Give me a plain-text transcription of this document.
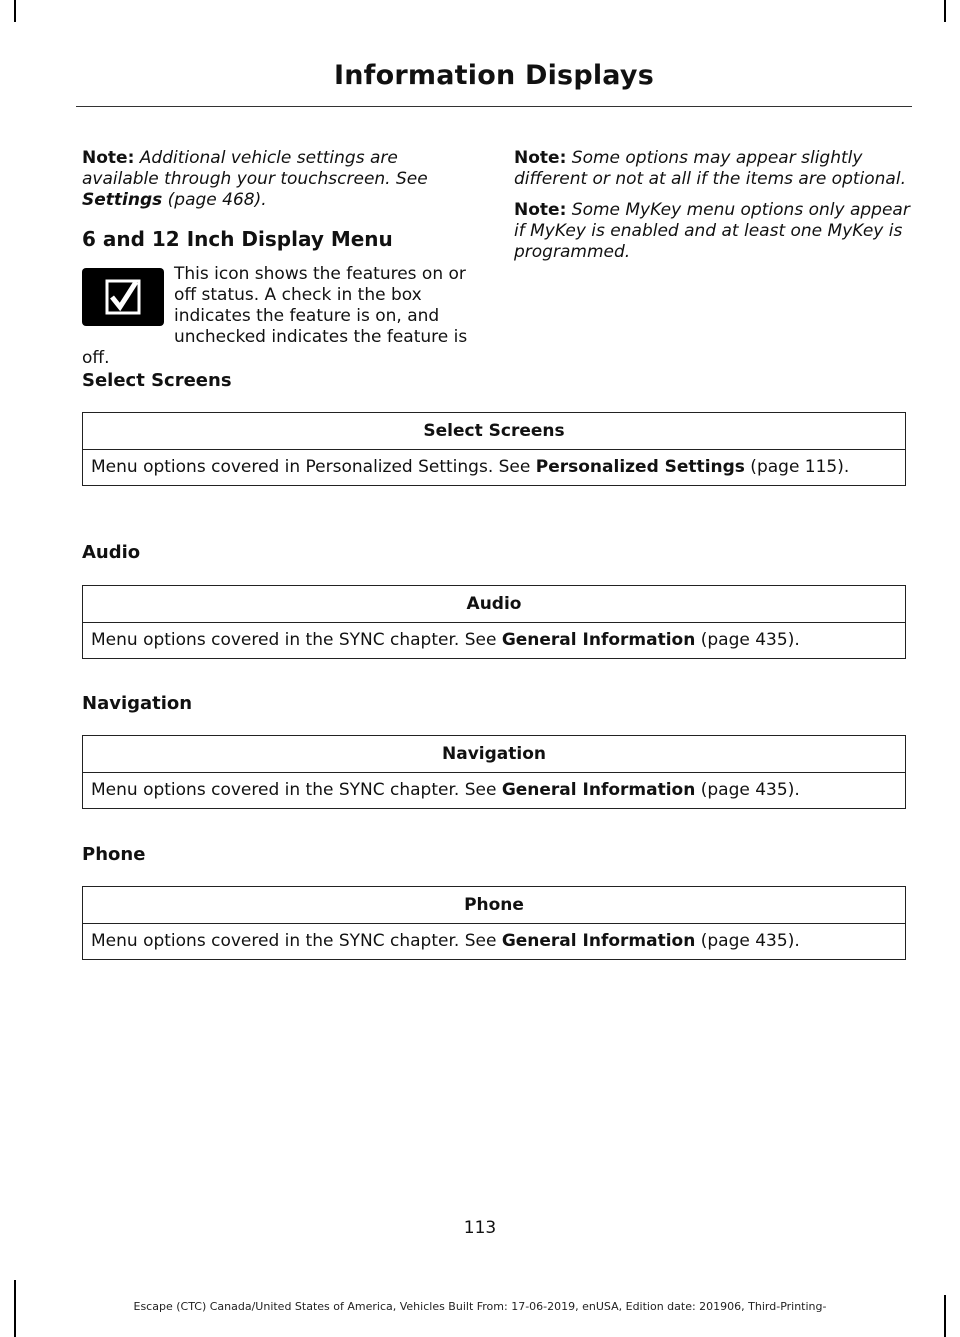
Information Displays

Note: Additional vehicle settings are available through your touchscreen. See Settings (page 468).

6 and 12 Inch Display Menu

This icon shows the features on or off status. A check in the box indicates the feature is on, and unchecked indicates the feature is off.

Note: Some options may appear slightly different or not at all if the items are optional.

Note: Some MyKey menu options only appear if MyKey is enabled and at least one MyKey is programmed.

Select Screens
Select Screens
Menu options covered in Personalized Settings. See Personalized Settings (page 115).
Audio
Audio
Menu options covered in the SYNC chapter. See General Information (page 435).
Navigation
Navigation
Menu options covered in the SYNC chapter. See General Information (page 435).
Phone
Phone
Menu options covered in the SYNC chapter. See General Information (page 435).
113
Escape (CTC) Canada/United States of America, Vehicles Built From: 17-06-2019, enUSA, Edition date: 201906, Third-Printing-
